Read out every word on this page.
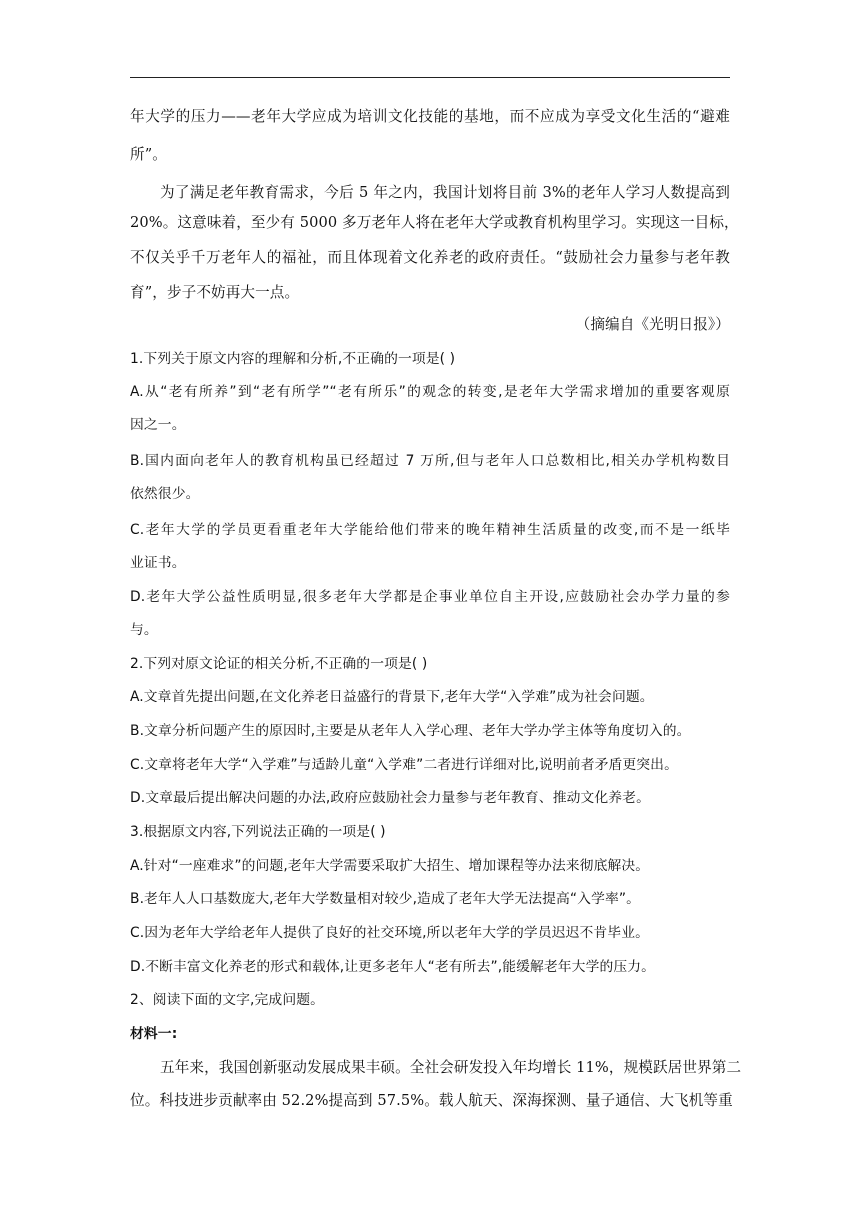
年大学的压力——老年大学应成为培训文化技能的基地，而不应成为享受文化生活的“避难
所”。
为了满足老年教育需求，今后 5 年之内，我国计划将目前 3%的老年人学习人数提高到
20%。这意味着，至少有 5000 多万老年人将在老年大学或教育机构里学习。实现这一目标，
不仅关乎千万老年人的福祉，而且体现着文化养老的政府责任。“鼓励社会力量参与老年教
育”，步子不妨再大一点。
（摘编自《光明日报》）
1.下列关于原文内容的理解和分析,不正确的一项是( )
A.从“老有所养”到“老有所学”“老有所乐”的观念的转变,是老年大学需求增加的重要客观原
因之一。
B.国内面向老年人的教育机构虽已经超过 7 万所,但与老年人口总数相比,相关办学机构数目
依然很少。
C.老年大学的学员更看重老年大学能给他们带来的晚年精神生活质量的改变,而不是一纸毕
业证书。
D.老年大学公益性质明显,很多老年大学都是企事业单位自主开设,应鼓励社会办学力量的参
与。
2.下列对原文论证的相关分析,不正确的一项是( )
A.文章首先提出问题,在文化养老日益盛行的背景下,老年大学“入学难”成为社会问题。
B.文章分析问题产生的原因时,主要是从老年人入学心理、老年大学办学主体等角度切入的。
C.文章将老年大学“入学难”与适龄儿童“入学难”二者进行详细对比,说明前者矛盾更突出。
D.文章最后提出解决问题的办法,政府应鼓励社会力量参与老年教育、推动文化养老。
3.根据原文内容,下列说法正确的一项是( )
A.针对“一座难求”的问题,老年大学需要采取扩大招生、增加课程等办法来彻底解决。
B.老年人人口基数庞大,老年大学数量相对较少,造成了老年大学无法提高“入学率”。
C.因为老年大学给老年人提供了良好的社交环境,所以老年大学的学员迟迟不肯毕业。
D.不断丰富文化养老的形式和载体,让更多老年人“老有所去”,能缓解老年大学的压力。
2、阅读下面的文字,完成问题。
材料一:
五年来，我国创新驱动发展成果丰硕。全社会研发投入年均增长 11%，规模跃居世界第二
位。科技进步贡献率由 52.2%提高到 57.5%。载人航天、深海探测、量子通信、大飞机等重
